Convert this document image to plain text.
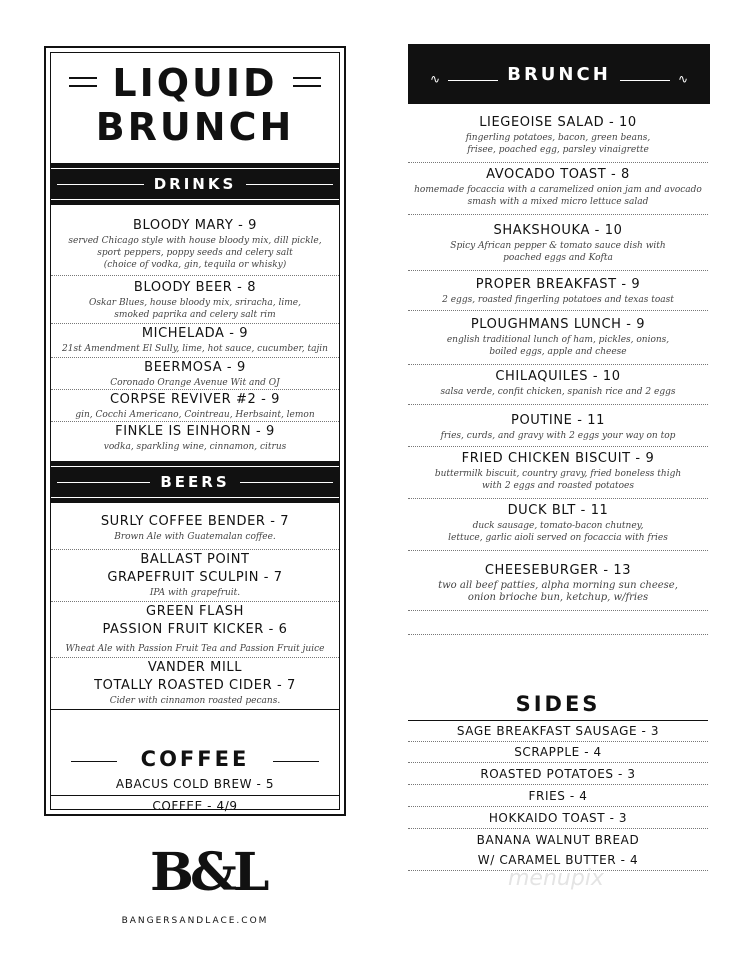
LIQUID
BRUNCH
DRINKS
BLOODY MARY - 9
served Chicago style with house bloody mix, dill pickle,
sport peppers, poppy seeds and celery salt
(choice of vodka, gin, tequila or whisky)
BLOODY BEER - 8
Oskar Blues, house bloody mix, sriracha, lime,
smoked paprika and celery salt rim
MICHELADA - 9
21st Amendment El Sully, lime, hot sauce, cucumber, tajin
BEERMOSA - 9
Coronado Orange Avenue Wit and OJ
CORPSE REVIVER #2 - 9
gin, Cocchi Americano, Cointreau, Herbsaint, lemon
FINKLE IS EINHORN - 9
vodka, sparkling wine, cinnamon, citrus
BEERS
SURLY COFFEE BENDER - 7
Brown Ale with Guatemalan coffee.
BALLAST POINT
GRAPEFRUIT SCULPIN - 7
IPA with grapefruit.
GREEN FLASH
PASSION FRUIT KICKER - 6
Wheat Ale with Passion Fruit Tea and Passion Fruit juice
VANDER MILL
TOTALLY ROASTED CIDER - 7
Cider with cinnamon roasted pecans.
COFFEE
ABACUS COLD BREW - 5
COFFEE - 4/9
B&L
BANGERSANDLACE.COM
∿	BRUNCH	∿
LIEGEOISE SALAD - 10
fingerling potatoes, bacon, green beans,
frisee, poached egg, parsley vinaigrette
AVOCADO TOAST - 8
homemade focaccia with a caramelized onion jam and avocado
smash with a mixed micro lettuce salad
SHAKSHOUKA - 10
Spicy African pepper & tomato sauce dish with
poached eggs and Kofta
PROPER BREAKFAST - 9
2 eggs, roasted fingerling potatoes and texas toast
PLOUGHMANS LUNCH - 9
english traditional lunch of ham, pickles, onions,
boiled eggs, apple and cheese
CHILAQUILES - 10
salsa verde, confit chicken, spanish rice and 2 eggs
POUTINE - 11
fries, curds, and gravy with 2 eggs your way on top
FRIED CHICKEN BISCUIT - 9
buttermilk biscuit, country gravy, fried boneless thigh
with 2 eggs and roasted potatoes
DUCK BLT - 11
duck sausage, tomato-bacon chutney,
lettuce, garlic aioli served on focaccia with fries
CHEESEBURGER - 13
two all beef patties, alpha morning sun cheese,
onion brioche bun, ketchup, w/fries
SIDES
SAGE BREAKFAST SAUSAGE - 3
SCRAPPLE - 4
ROASTED POTATOES - 3
FRIES - 4
HOKKAIDO TOAST - 3
BANANA WALNUT BREAD
W/ CARAMEL BUTTER - 4
menupix
